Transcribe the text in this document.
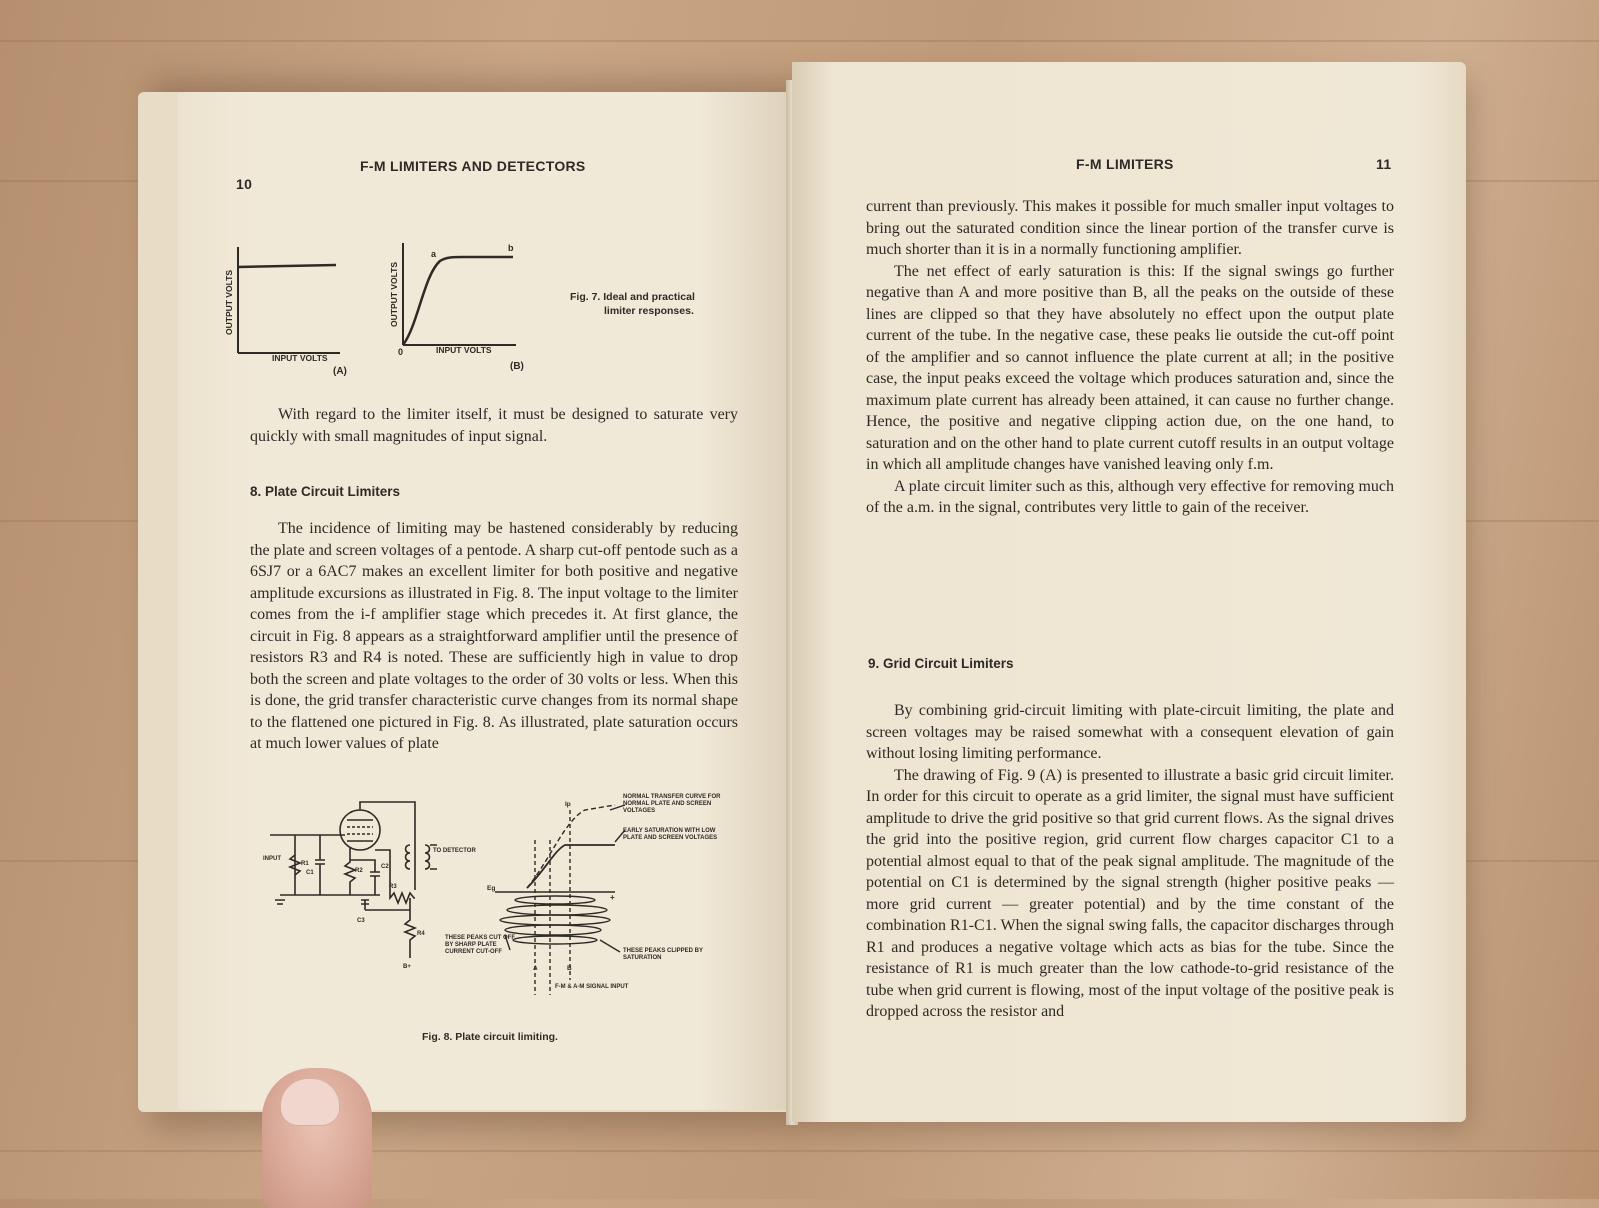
10
F-M LIMITERS AND DETECTORS
OUTPUT VOLTS
INPUT VOLTS
(A)
OUTPUT VOLTS
INPUT VOLTS
0
a
b
(B)
Fig. 7. Ideal and practical
limiter responses.

With regard to the limiter itself, it must be designed to saturate very quickly with small magnitudes of input signal.

8. Plate Circuit Limiters

The incidence of limiting may be hastened considerably by reducing the plate and screen voltages of a pentode. A sharp cut-off pentode such as a 6SJ7 or a 6AC7 makes an excellent limiter for both positive and negative amplitude excursions as illustrated in Fig. 8. The input voltage to the limiter comes from the i-f amplifier stage which precedes it. At first glance, the circuit in Fig. 8 appears as a straightforward amplifier until the presence of resistors R3 and R4 is noted. These are sufficiently high in value to drop both the screen and plate voltages to the order of 30 volts or less. When this is done, the grid transfer characteristic curve changes from its normal shape to the flattened one pictured in Fig. 8. As illustrated, plate saturation occurs at much lower values of plate

INPUT
R1
C1	R2
C2
R3
C3
R4
B+
TO DETECTOR
Ip
Eg
+
A	B
NORMAL TRANSFER CURVE FOR NORMAL PLATE AND SCREEN VOLTAGES
EARLY SATURATION WITH LOW PLATE AND SCREEN VOLTAGES
THESE PEAKS CUT OFF BY SHARP PLATE CURRENT CUT-OFF	THESE PEAKS CLIPPED BY SATURATION
F-M & A-M SIGNAL INPUT
Fig. 8. Plate circuit limiting.
F-M LIMITERS	11

current than previously. This makes it possible for much smaller input voltages to bring out the saturated condition since the linear portion of the transfer curve is much shorter than it is in a normally functioning amplifier.

The net effect of early saturation is this: If the signal swings go further negative than A and more positive than B, all the peaks on the outside of these lines are clipped so that they have absolutely no effect upon the output plate current of the tube. In the negative case, these peaks lie outside the cut-off point of the amplifier and so cannot influence the plate current at all; in the positive case, the input peaks exceed the voltage which produces saturation and, since the maximum plate current has already been attained, it can cause no further change. Hence, the positive and negative clipping action due, on the one hand, to saturation and on the other hand to plate current cutoff results in an output voltage in which all amplitude changes have vanished leaving only f.m.

A plate circuit limiter such as this, although very effective for removing much of the a.m. in the signal, contributes very little to gain of the receiver.

9. Grid Circuit Limiters

By combining grid-circuit limiting with plate-circuit limiting, the plate and screen voltages may be raised somewhat with a consequent elevation of gain without losing limiting performance.

The drawing of Fig. 9 (A) is presented to illustrate a basic grid circuit limiter. In order for this circuit to operate as a grid limiter, the signal must have sufficient amplitude to drive the grid positive so that grid current flows. As the signal drives the grid into the positive region, grid current flow charges capacitor C1 to a potential almost equal to that of the peak signal amplitude. The magnitude of the potential on C1 is determined by the signal strength (higher positive peaks — more grid current — greater potential) and by the time constant of the combination R1-C1. When the signal swing falls, the capacitor discharges through R1 and produces a negative voltage which acts as bias for the tube. Since the resistance of R1 is much greater than the low cathode-to-grid resistance of the tube when grid current is flowing, most of the input voltage of the positive peak is dropped across the resistor and
